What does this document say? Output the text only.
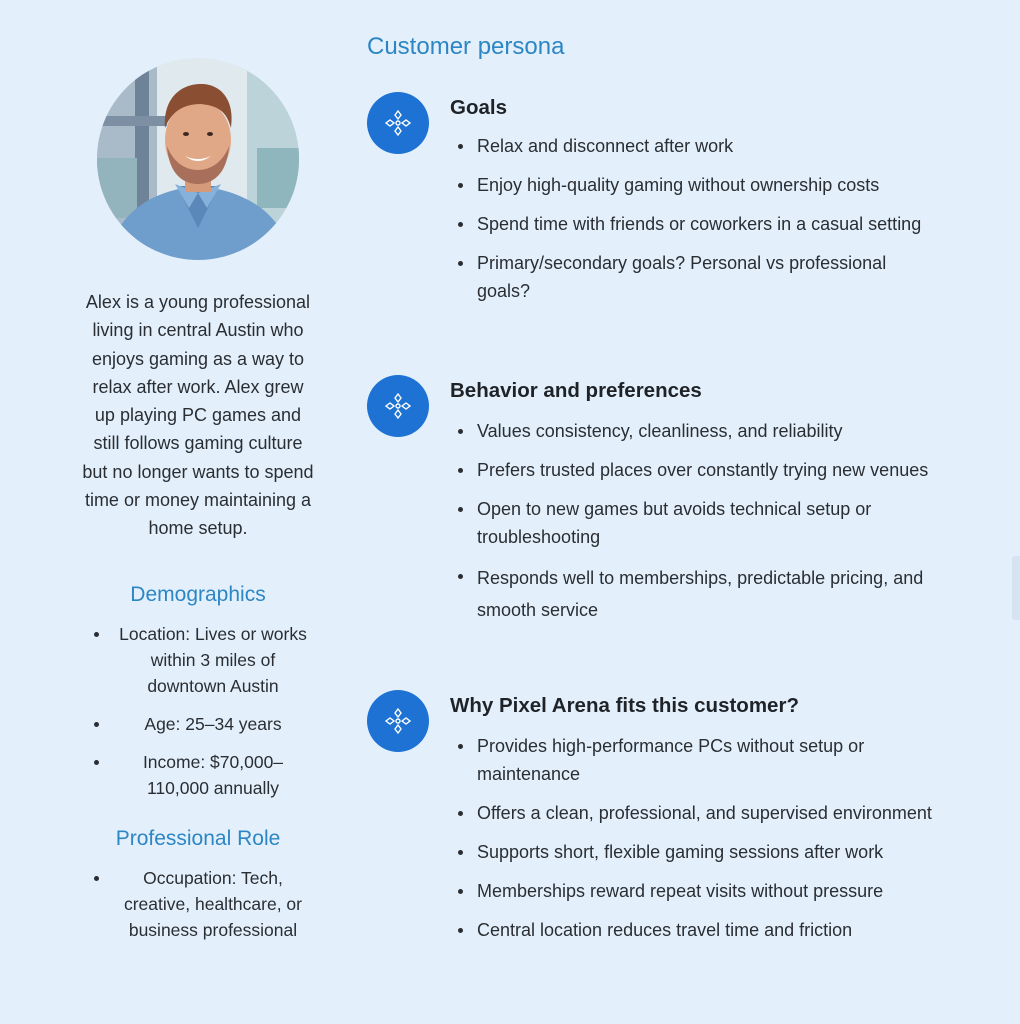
Alex is a young professional living in central Austin who enjoys gaming as a way to relax after work. Alex grew up playing PC games and still follows gaming culture but no longer wants to spend time or money maintaining a home setup.
Demographics
Location: Lives or works within 3 miles of downtown Austin
Age: 25–34 years
Income: $70,000–110,000 annually
Professional Role
Occupation: Tech, creative, healthcare, or business professional
Customer persona
Goals
Relax and disconnect after work
Enjoy high-quality gaming without ownership costs
Spend time with friends or coworkers in a casual setting
Primary/secondary goals? Personal vs professional goals?
Behavior and preferences
Values consistency, cleanliness, and reliability
Prefers trusted places over constantly trying new venues
Open to new games but avoids technical setup or troubleshooting
Responds well to memberships, predictable pricing, and smooth service
Why Pixel Arena fits this customer?
Provides high-performance PCs without setup or maintenance
Offers a clean, professional, and supervised environment
Supports short, flexible gaming sessions after work
Memberships reward repeat visits without pressure
Central location reduces travel time and friction
